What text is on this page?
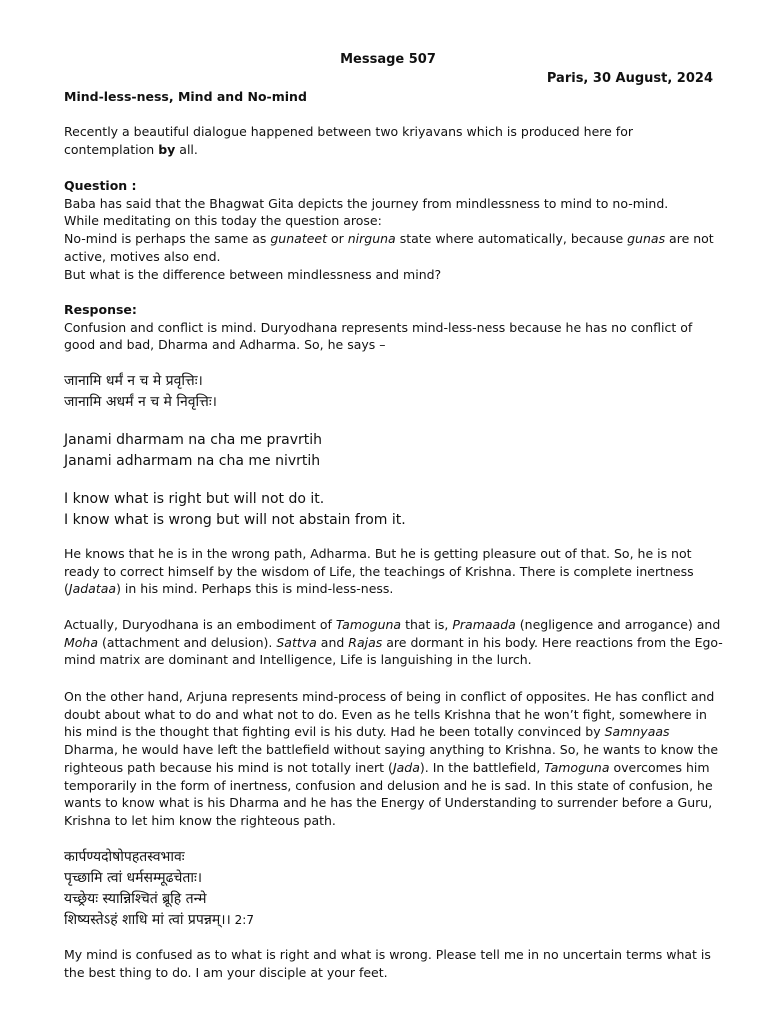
Message 507
Paris, 30 August, 2024

Mind-less-ness, Mind and No-mind

Recently a beautiful dialogue happened between two kriyavans which is produced here for contemplation by all.

Question :

Baba has said that the Bhagwat Gita depicts the journey from mindlessness to mind to no-mind.

While meditating on this today the question arose:

No-mind is perhaps the same as gunateet or nirguna state where automatically, because gunas are not active, motives also end.

But what is the difference between mindlessness and mind?

Response:

Confusion and conflict is mind. Duryodhana represents mind-less-ness because he has no conflict of good and bad, Dharma and Adharma. So, he says –

जानामि धर्मं न च मे प्रवृत्तिः।

जानामि अधर्मं न च मे निवृत्तिः।

Janami dharmam na cha me pravrtih

Janami adharmam na cha me nivrtih

I know what is right but will not do it.

I know what is wrong but will not abstain from it.

He knows that he is in the wrong path, Adharma. But he is getting pleasure out of that. So, he is not ready to correct himself by the wisdom of Life, the teachings of Krishna. There is complete inertness (Jadataa) in his mind. Perhaps this is mind-less-ness.

Actually, Duryodhana is an embodiment of Tamoguna that is, Pramaada (negligence and arrogance) and Moha (attachment and delusion). Sattva and Rajas are dormant in his body. Here reactions from the Ego-mind matrix are dominant and Intelligence, Life is languishing in the lurch.

On the other hand, Arjuna represents mind-process of being in conflict of opposites. He has conflict and doubt about what to do and what not to do. Even as he tells Krishna that he won’t fight, somewhere in his mind is the thought that fighting evil is his duty. Had he been totally convinced by Samnyaas Dharma, he would have left the battlefield without saying anything to Krishna. So, he wants to know the righteous path because his mind is not totally inert (Jada). In the battlefield, Tamoguna overcomes him temporarily in the form of inertness, confusion and delusion and he is sad. In this state of confusion, he wants to know what is his Dharma and he has the Energy of Understanding to surrender before a Guru, Krishna to let him know the righteous path.

कार्पण्यदोषोपहतस्वभावः

पृच्छामि त्वां धर्मसम्मूढचेताः।

यच्छ्रेयः स्यान्निश्चितं ब्रूहि तन्मे

शिष्यस्तेऽहं शाधि मां त्वां प्रपन्नम्।। 2:7

My mind is confused as to what is right and what is wrong. Please tell me in no uncertain terms what is the best thing to do. I am your disciple at your feet.
